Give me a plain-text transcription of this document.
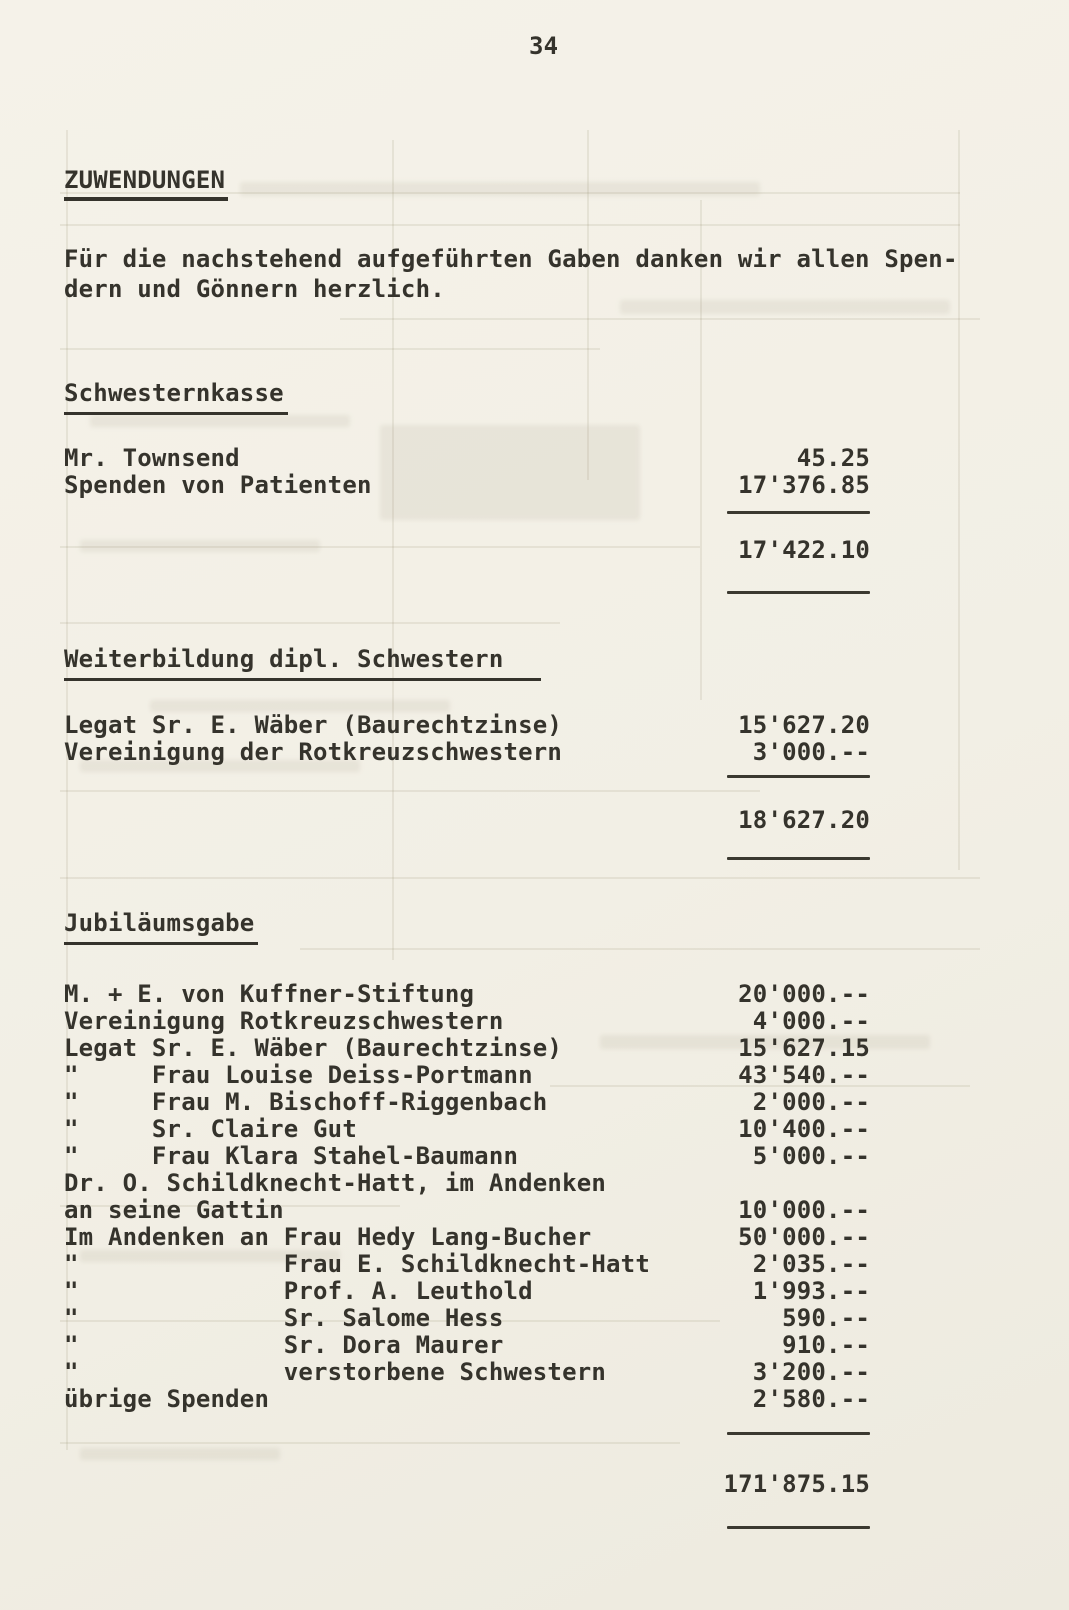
34
ZUWENDUNGEN
Für die nachstehend aufgeführten Gaben danken wir allen Spen-
dern und Gönnern herzlich.
Schwesternkasse
Mr. Townsend	45.25
Spenden von Patienten	17'376.85
17'422.10
Weiterbildung dipl. Schwestern
Legat Sr. E. Wäber (Baurechtzinse)	15'627.20
Vereinigung der Rotkreuzschwestern	3'000.--
18'627.20
Jubiläumsgabe
M. + E. von Kuffner-Stiftung	20'000.--
Vereinigung Rotkreuzschwestern	4'000.--
Legat Sr. E. Wäber (Baurechtzinse)	15'627.15
"     Frau Louise Deiss-Portmann	43'540.--
"     Frau M. Bischoff-Riggenbach	2'000.--
"     Sr. Claire Gut	10'400.--
"     Frau Klara Stahel-Baumann	5'000.--
Dr. O. Schildknecht-Hatt, im Andenken
an seine Gattin	10'000.--
Im Andenken an Frau Hedy Lang-Bucher	50'000.--
"              Frau E. Schildknecht-Hatt	2'035.--
"              Prof. A. Leuthold	1'993.--
"              Sr. Salome Hess	590.--
"              Sr. Dora Maurer	910.--
"              verstorbene Schwestern	3'200.--
übrige Spenden	2'580.--
171'875.15
